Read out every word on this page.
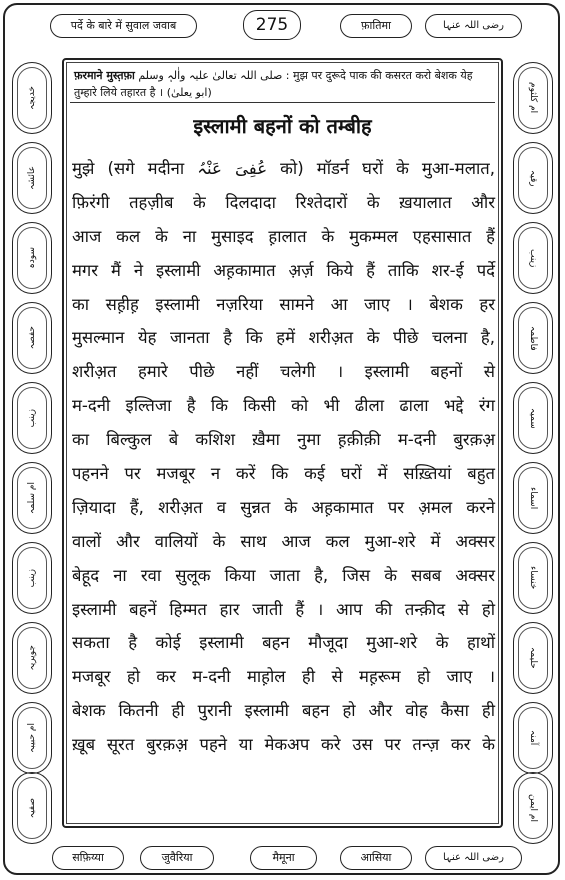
पर्दे के बारे में सुवाल जवाब	275	फ़ातिमा	رضی اللہ عنہا
خدیجہ
عائشہ
سودہ
حفصہ
زینب
ام سلمہ
زینب
جویریہ
ام حبیبہ
صفیہ
ام کلثوم
رقیہ
زینب
فاطمہ
سمیہ
اسماء
خنساء
حلیمہ
آمنہ
ام ایمن
फ़रमाने मुस्त़फ़ा صلی اللہ تعالیٰ علیہ واٰلہٖ وسلم : मुझ पर दुरूदे पाक की कसरत करो बेशक येह तुम्हारे लिये तहारत है । (ابو یعلیٰ)
इस्लामी बहनों को तम्बीह
मुझे (सगे मदीना عُفِیَ عَنْہُ को) मॉडर्न घरों के मुआ-मलात,
फ़िरंगी तहज़ीब के दिलदादा रिश्तेदारों के ख़यालात और
आज कल के ना मुसाइद ह़ालात के मुकम्मल एहसासात हैं
मगर मैं ने इस्लामी अह़कामात अ़र्ज़ किये हैं ताकि शर-ई पर्दे
का सह़ीह़ इस्लामी नज़रिया सामने आ जाए । बेशक हर
मुसल्मान येह जानता है कि हमें शरीअ़त के पीछे चलना है,
शरीअ़त हमारे पीछे नहीं चलेगी । इस्लामी बहनों से
म-दनी इल्तिजा है कि किसी को भी ढीला ढाला भद्दे रंग
का बिल्कुल बे कशिश ख़ैमा नुमा ह़क़ीक़ी म-दनी बुरक़अ़
पहनने पर मजबूर न करें कि कई घरों में सख़्तियां बहुत
ज़ियादा हैं, शरीअ़त व सुन्नत के अह़कामात पर अ़मल करने
वालों और वालियों के साथ आज कल मुआ-शरे में अक्सर
बेहूद ना रवा सुलूक किया जाता है, जिस के सबब अक्सर
इस्लामी बहनें हिम्मत हार जाती हैं । आप की तन्क़ीद से हो
सकता है कोई इस्लामी बहन मौजूदा मुआ-शरे के हाथों
मजबूर हो कर म-दनी माह़ोल ही से मह़रूम हो जाए ।
बेशक कितनी ही पुरानी इस्लामी बहन हो और वोह कैसा ही
ख़ूब सूरत बुरक़अ़ पहने या मेकअप करे उस पर तन्ज़ कर के
सफ़िय्या	जुवैरिया	मैमूना	आसिया	رضی اللہ عنہا
